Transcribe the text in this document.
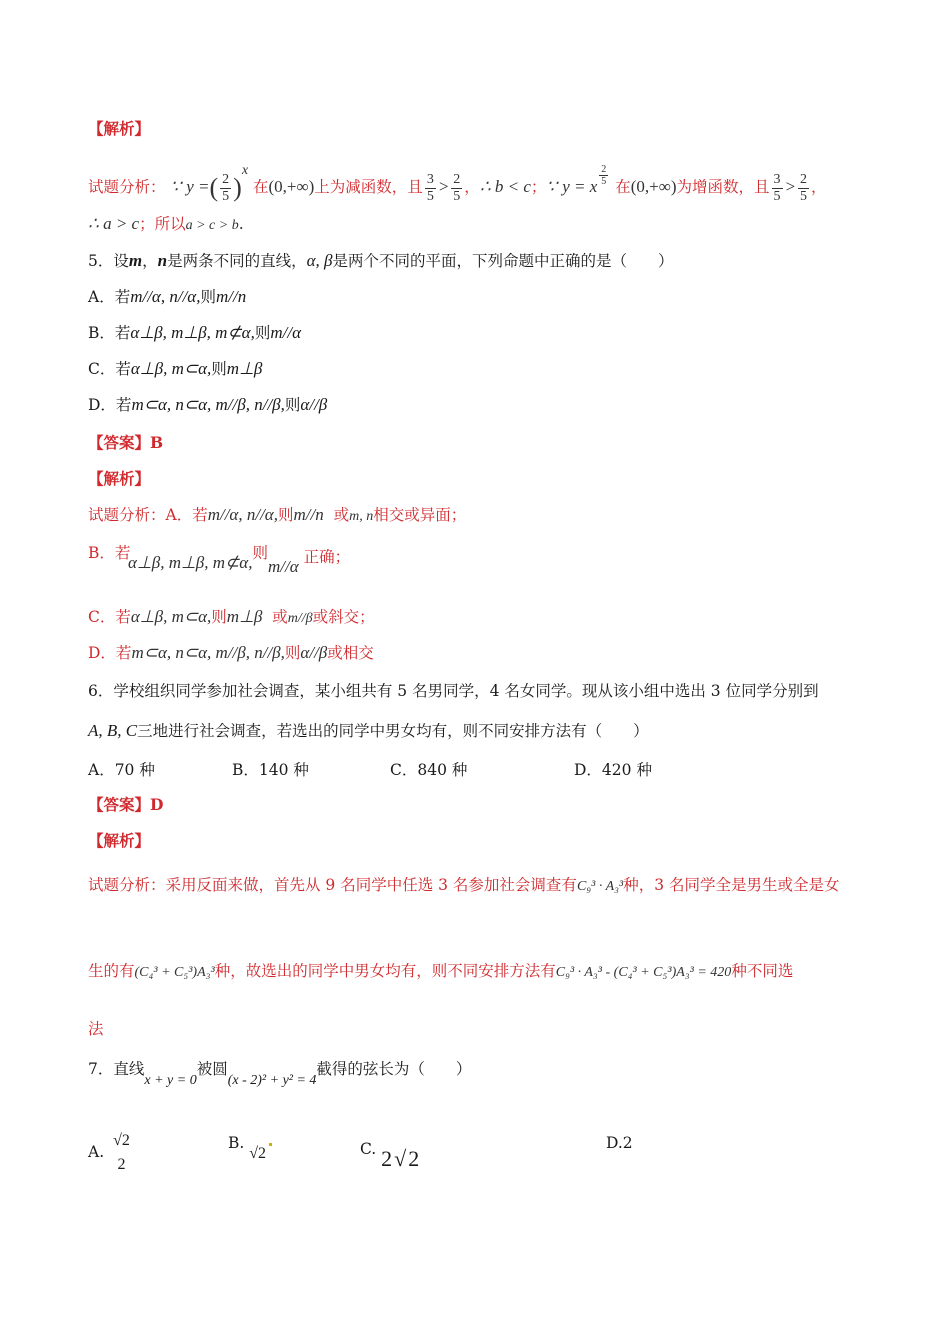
【解析】
试题分析： ∵ y =( $\frac{2}{5} )^x$ 在(0,+∞)上为减函数，且 $\frac{3}{5} > \frac{2}{5}$ ，∴ b < c；∵ y = x $^{\frac{2}{5}}$ 在(0,+∞)为增函数，且 $\frac{3}{5} > \frac{2}{5}$ ，
∴ a > c；所以a > c > b.
5．设m，n是两条不同的直线，α, β是两个不同的平面，下列命题中正确的是（　　）
A．若m//α, n//α,则m//n
B．若α⊥β, m⊥β, m⊄α,则m//α
C．若α⊥β, m⊂α,则m⊥β
D．若m⊂α, n⊂α, m//β, n//β,则α//β
【答案】B
【解析】
试题分析：A．若m//α, n//α,则m//n 或m, n相交或异面；
B．若
α⊥β, m⊥β, m⊄α,则m//α 正确；
C．若α⊥β, m⊂α,则m⊥β 或m//β或斜交；
D．若m⊂α, n⊂α, m//β, n//β,则α//β或相交
6．学校组织同学参加社会调查，某小组共有 5 名男同学，4 名女同学。现从该小组中选出 3 位同学分别到
A, B, C三地进行社会调查，若选出的同学中男女均有，则不同安排方法有（　　）
A．70 种	B．140 种	C．840 种	D．420 种
【答案】D
【解析】
试题分析：采用反面来做，首先从 9 名同学中任选 3 名参加社会调查有C₉³ · A₃³种，3 名同学全是男生或全是女
生的有(C₄³ + C₅³)A₃³种，故选出的同学中男女均有，则不同安排方法有C₉³ · A₃³ - (C₄³ + C₅³)A₃³ = 420种不同选
法
7．直线x + y = 0被圆(x - 2)² + y² = 4截得的弦长为（　　）
A.
√2
2
B. √2	C. 2√2
D.2
